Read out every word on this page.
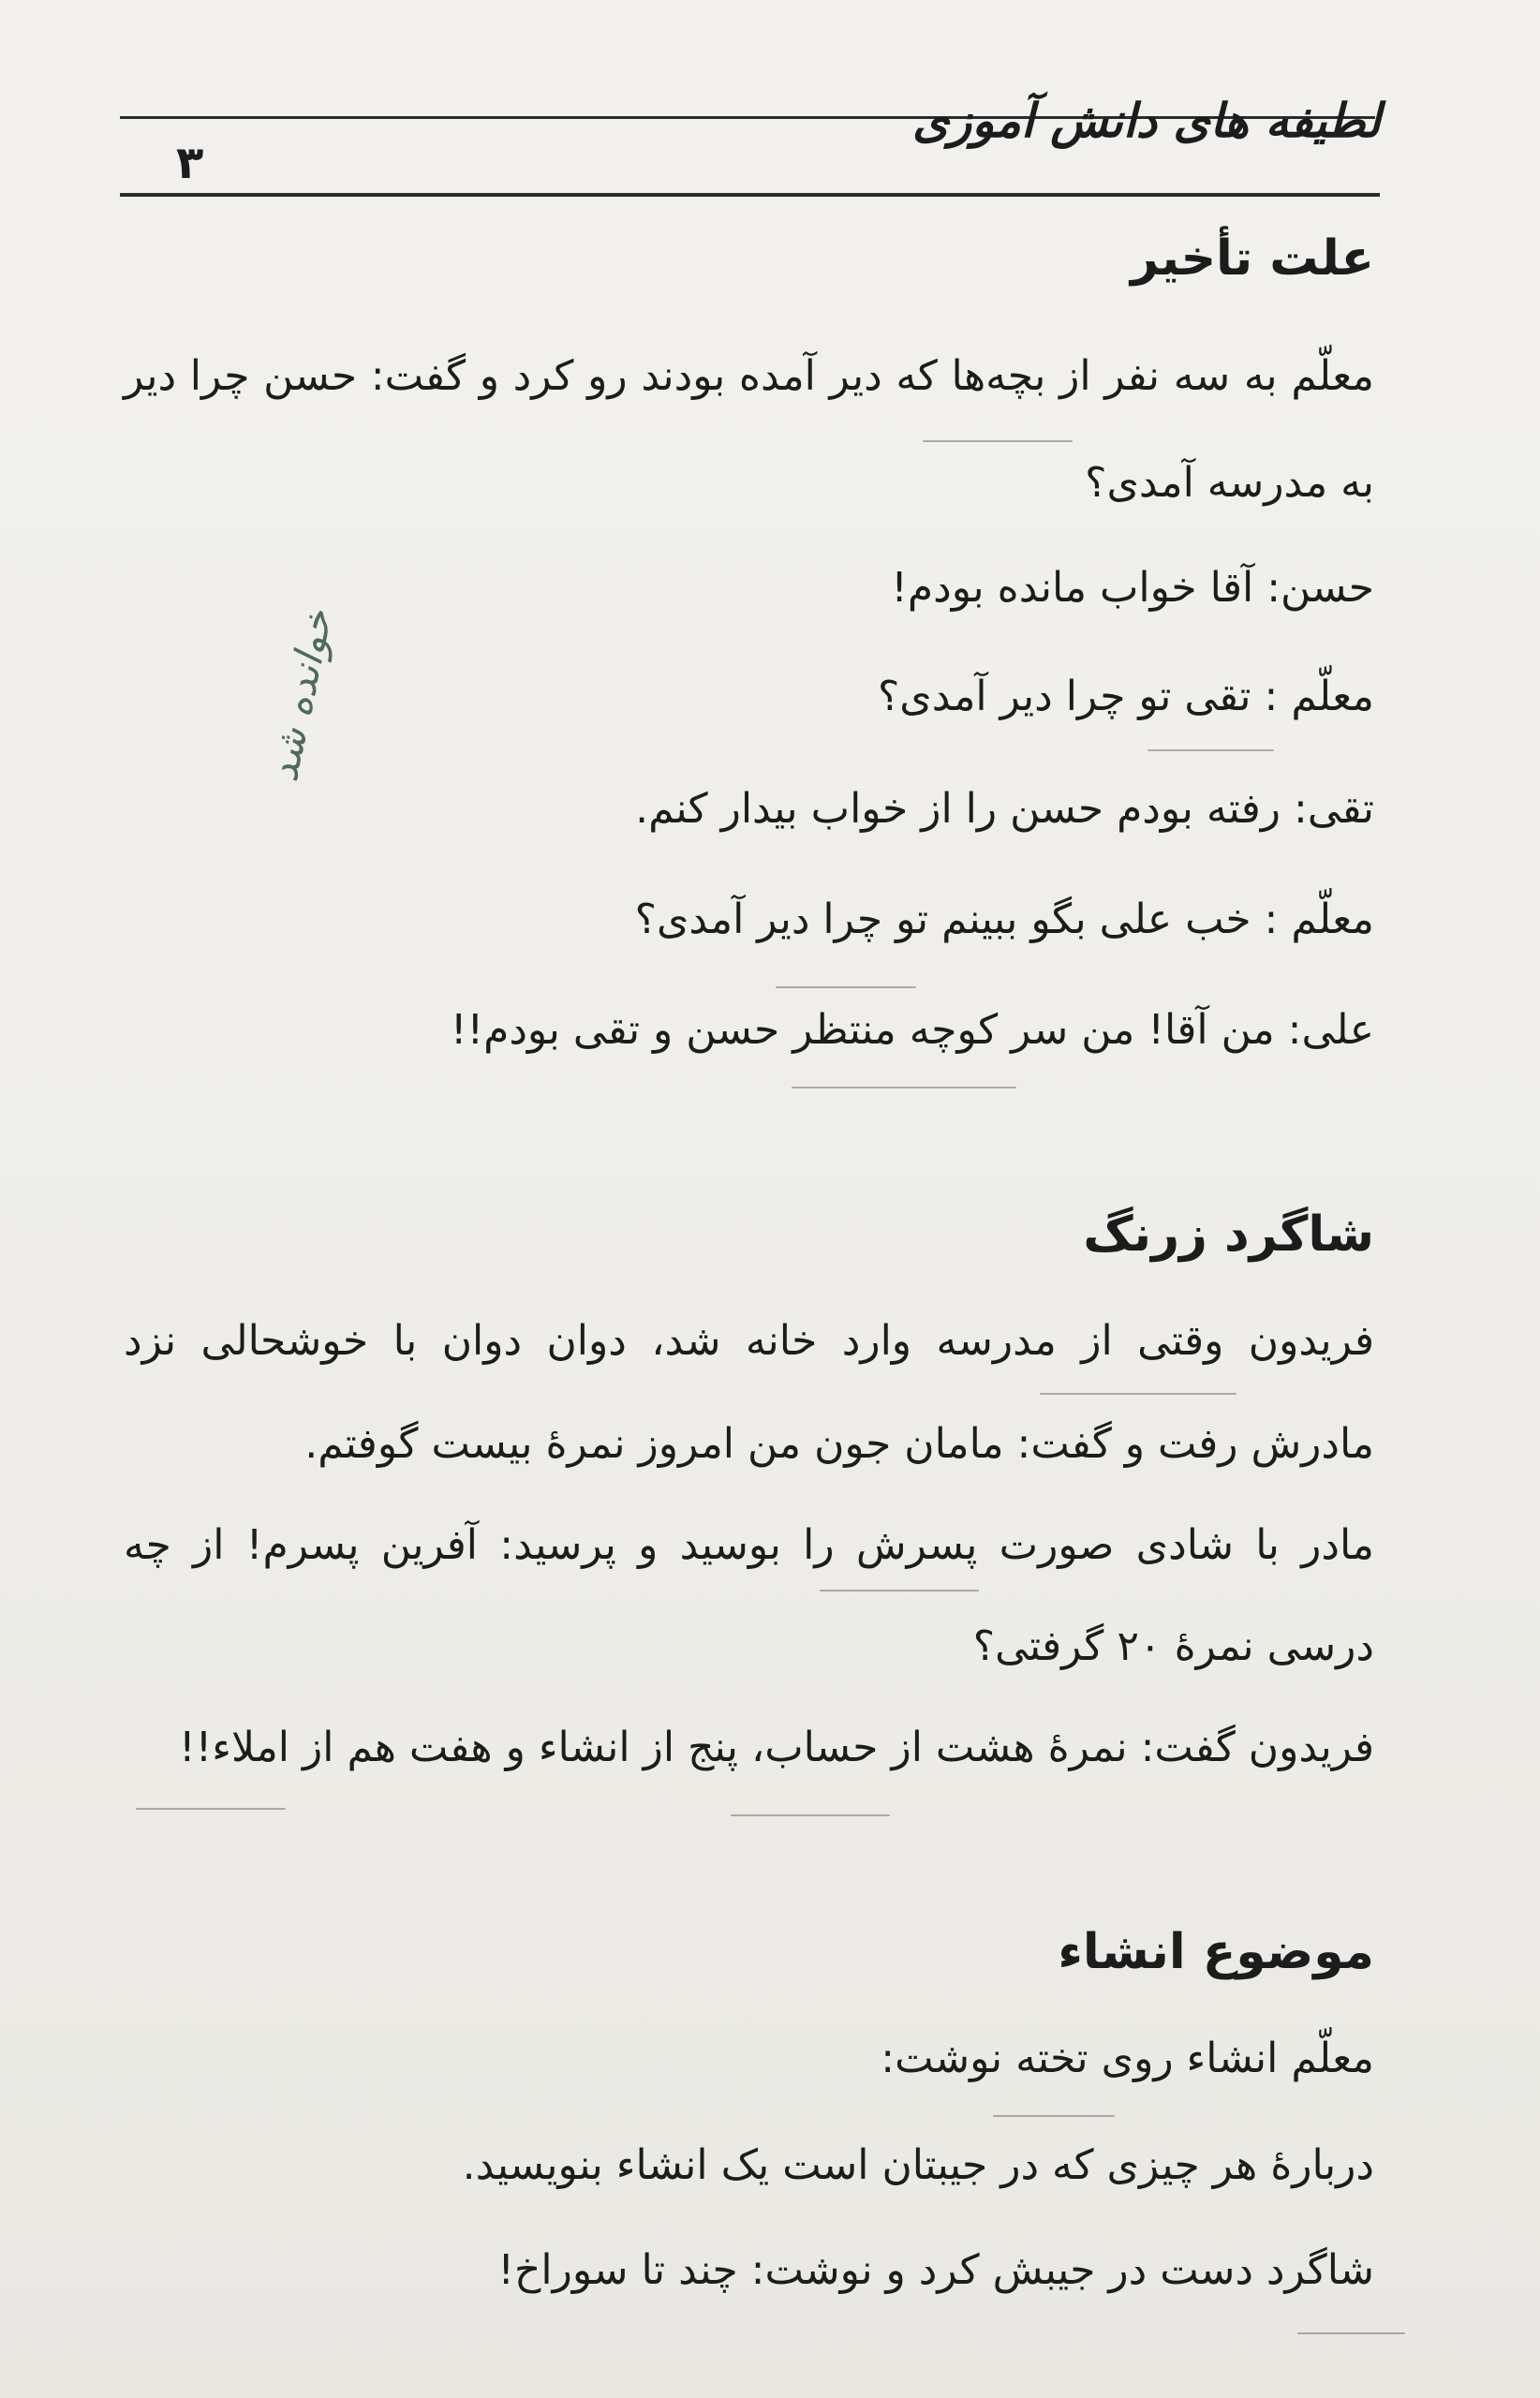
لطیفه های دانش آموزی
۳
علت تأخیر
معلّم به سه نفر از بچه‌ها که دیر آمده بودند رو کرد و گفت: حسن چرا دیر
به مدرسه آمدی؟
حسن: آقا خواب مانده بودم!
معلّم : تقی تو چرا دیر آمدی؟
تقی: رفته بودم حسن را از خواب بیدار کنم.
معلّم : خب علی بگو ببینم تو چرا دیر آمدی؟
علی: من آقا! من سر کوچه منتظر حسن و تقی بودم!!
شاگرد زرنگ
فریدون وقتی از مدرسه وارد خانه شد، دوان دوان با خوشحالی نزد
مادرش رفت و گفت: ماما‌ن جون من امروز نمرهٔ بیست گوفتم.
مادر با شادی صورت پسرش را بوسید و پرسید: آفرین پسرم! از چه
درسی نمرهٔ ۲۰ گرفتی؟
فریدون گفت: نمرهٔ هشت از حساب، پنج از انشاء و هفت هم از املاء!!
موضوع انشاء
معلّم انشاء روی تخته نوشت:
دربارهٔ هر چیزی که در جیبتان است یک انشاء بنویسید.
شاگرد دست در جیبش کرد و نوشت: چند تا سوراخ!
خوانده شد
